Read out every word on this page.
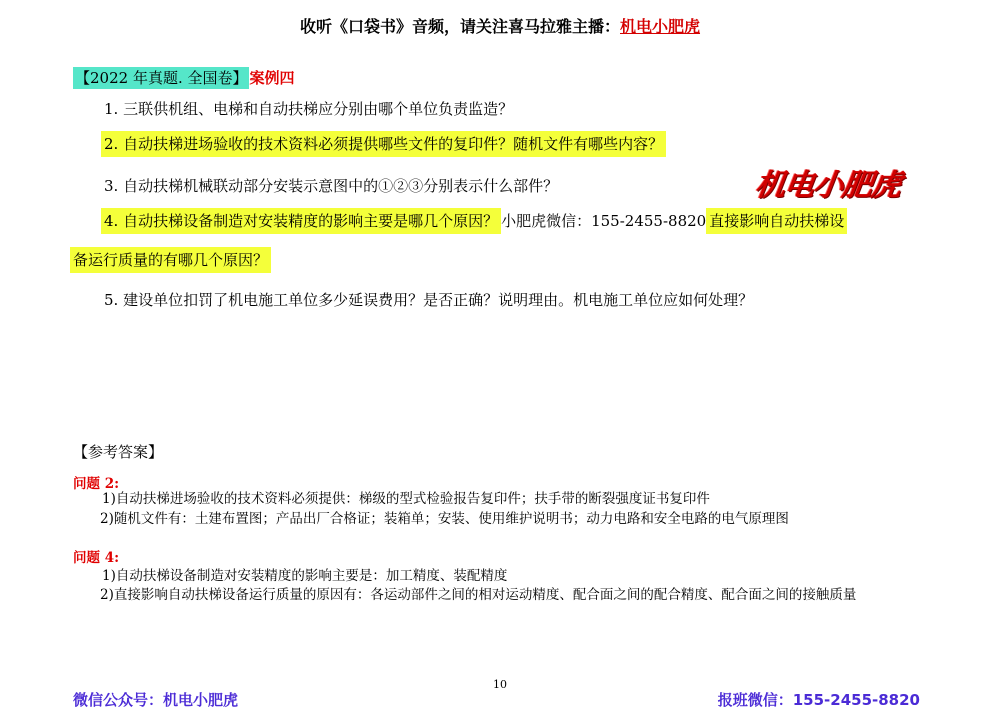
收听《口袋书》音频，请关注喜马拉雅主播：机电小肥虎
【2022 年真题. 全国卷】 案例四
1. 三联供机组、电梯和自动扶梯应分别由哪个单位负责监造？
2. 自动扶梯进场验收的技术资料必须提供哪些文件的复印件？随机文件有哪些内容？
3. 自动扶梯机械联动部分安装示意图中的①②③分别表示什么部件？	机电小肥虎
4. 自动扶梯设备制造对安装精度的影响主要是哪几个原因？ 小肥虎微信：155-2455-8820 直接影响自动扶梯设
备运行质量的有哪几个原因？
5. 建设单位扣罚了机电施工单位多少延误费用？是否正确？说明理由。机电施工单位应如何处理？
【参考答案】
问题 2:
1)自动扶梯进场验收的技术资料必须提供：梯级的型式检验报告复印件；扶手带的断裂强度证书复印件
2)随机文件有：土建布置图；产品出厂合格证；装箱单；安装、使用维护说明书；动力电路和安全电路的电气原理图
问题 4:
1)自动扶梯设备制造对安装精度的影响主要是：加工精度、装配精度
2)直接影响自动扶梯设备运行质量的原因有：各运动部件之间的相对运动精度、配合面之间的配合精度、配合面之间的接触质量
10
微信公众号：机电小肥虎	报班微信：155-2455-8820
